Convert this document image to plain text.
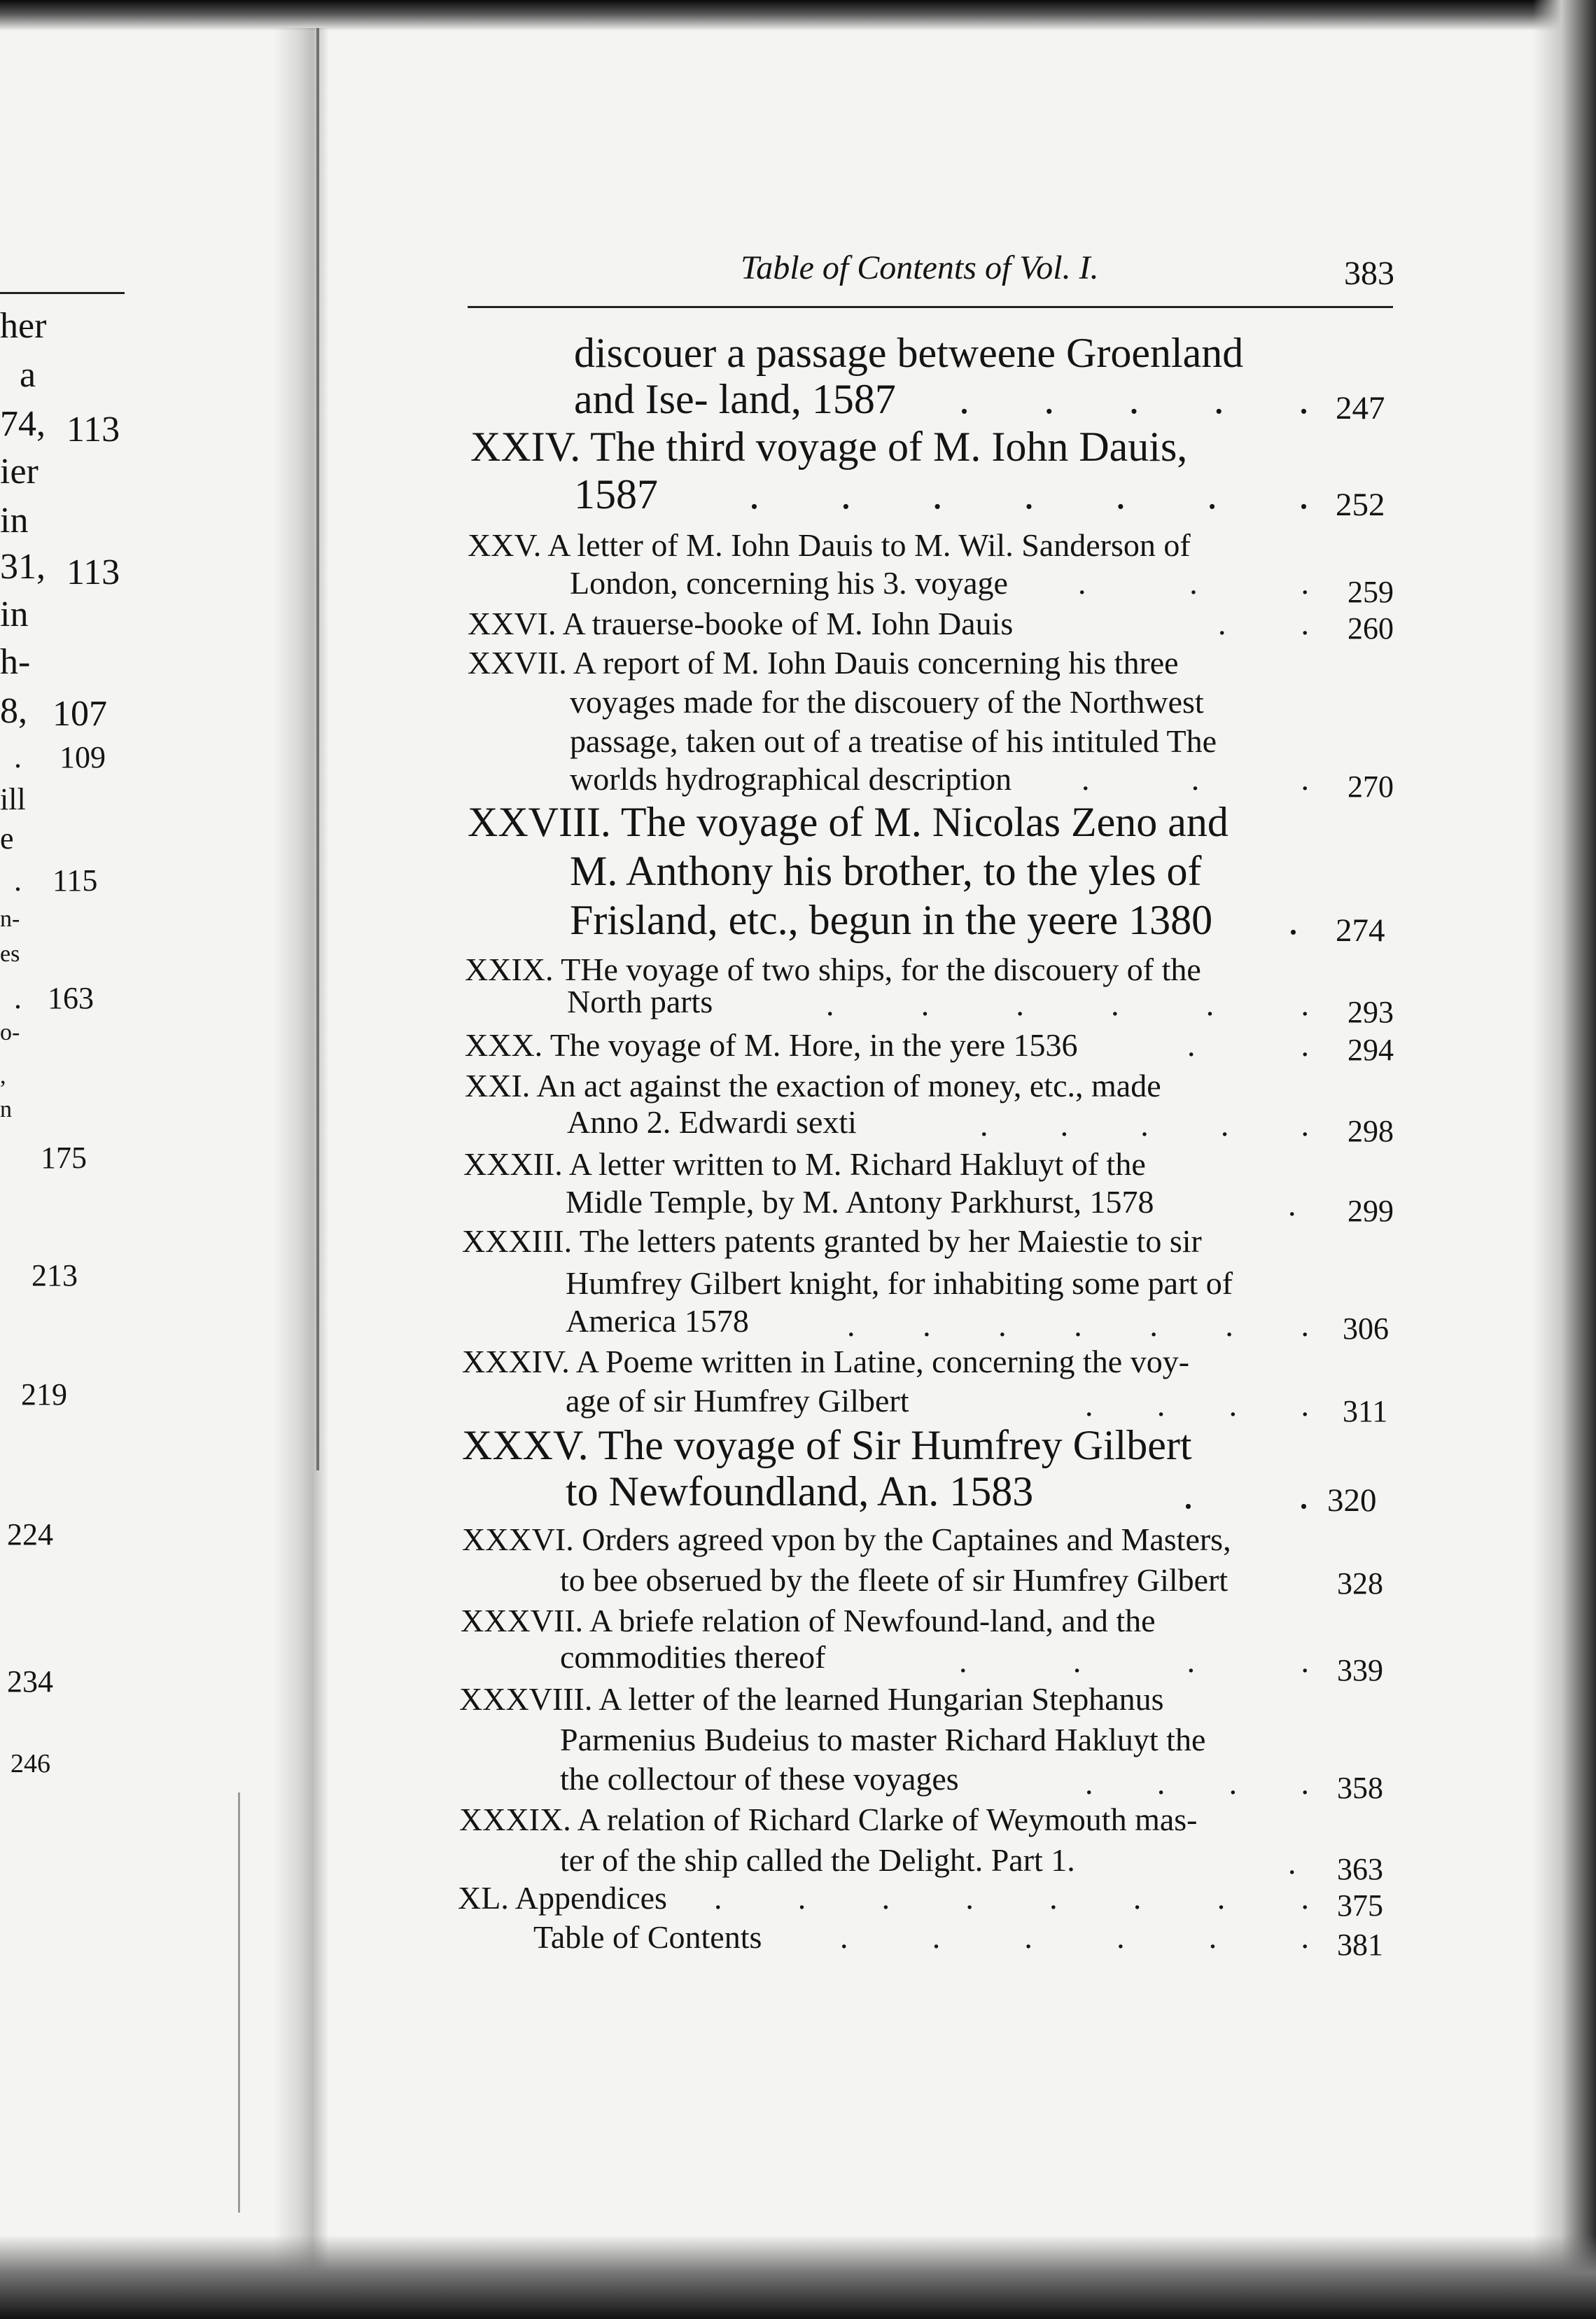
her
a
74, 113
ier
in
31, 113
in
h-
8, 107
. 109
ill
e
. 115
n-
es
. 163
o-
,
n
175
213
219
224
234
246
Table of Contents of Vol. I.	383
discouer a passage betweene Groenland
and Ise- land, 1587 . . . . . 247
XXIV. The third voyage of M. Iohn Dauis,
1587 . . . . . . . 252
XXV. A letter of M. Iohn Dauis to M. Wil. Sanderson of
London, concerning his 3. voyage .	.	. 259
XXVI. A trauerse-booke of M. Iohn Dauis	. . 260
XXVII. A report of M. Iohn Dauis concerning his three
voyages made for the discouery of the Northwest
passage, taken out of a treatise of his intituled The
worlds hydrographical description .	.	. 270
XXVIII. The voyage of M. Nicolas Zeno and
M. Anthony his brother, to the yles of
Frisland, etc., begun in the yeere 1380 . 274
XXIX. THe voyage of two ships, for the discouery of the
North parts	.	.	.	.	.	. 293
XXX. The voyage of M. Hore, in the yere 1536	.	. 294
XXI. An act against the exaction of money, etc., made
Anno 2. Edwardi sexti	. . . . . 298
XXXII. A letter written to M. Richard Hakluyt of the
Midle Temple, by M. Antony Parkhurst, 1578	. 299
XXXIII. The letters patents granted by her Maiestie to sir
Humfrey Gilbert knight, for inhabiting some part of
America 1578	. . . . . . . 306
XXXIV. A Poeme written in Latine, concerning the voy-
age of sir Humfrey Gilbert	. . . . 311
XXXV. The voyage of Sir Humfrey Gilbert
to Newfoundland, An. 1583	.	. 320
XXXVI. Orders agreed vpon by the Captaines and Masters,
to bee obserued by the fleete of sir Humfrey Gilbert	328
XXXVII. A briefe relation of Newfound-land, and the
commodities thereof	.	.	.	. 339
XXXVIII. A letter of the learned Hungarian Stephanus
Parmenius Budeius to master Richard Hakluyt the
the collectour of these voyages	. . . . 358
XXXIX. A relation of Richard Clarke of Weymouth mas-
ter of the ship called the Delight. Part 1.	. 363
XL. Appendices . . . . . . . . 375
Table of Contents .	.	.	.	.	. 381
